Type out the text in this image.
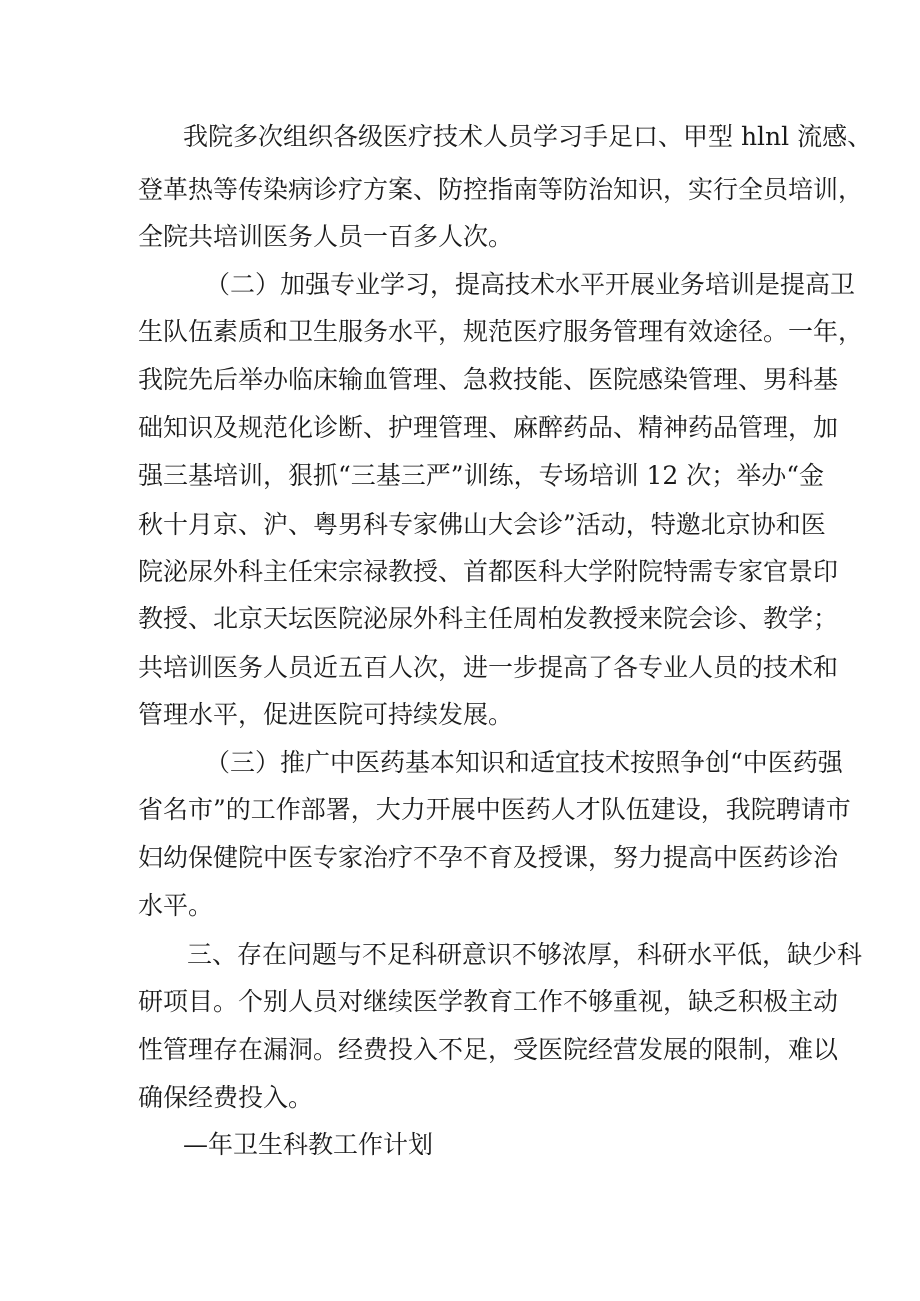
我院多次组织各级医疗技术人员学习手足口、甲型 hlnl 流感、
登革热等传染病诊疗方案、防控指南等防治知识，实行全员培训，
全院共培训医务人员一百多人次。
（二）加强专业学习，提高技术水平开展业务培训是提高卫
生队伍素质和卫生服务水平，规范医疗服务管理有效途径。一年，
我院先后举办临床输血管理、急救技能、医院感染管理、男科基
础知识及规范化诊断、护理管理、麻醉药品、精神药品管理，加
强三基培训，狠抓“三基三严”训练，专场培训 12 次；举办“金
秋十月京、沪、粤男科专家佛山大会诊”活动，特邀北京协和医
院泌尿外科主任宋宗禄教授、首都医科大学附院特需专家官景印
教授、北京天坛医院泌尿外科主任周柏发教授来院会诊、教学；
共培训医务人员近五百人次，进一步提高了各专业人员的技术和
管理水平，促进医院可持续发展。
（三）推广中医药基本知识和适宜技术按照争创“中医药强
省名市”的工作部署，大力开展中医药人才队伍建设，我院聘请市
妇幼保健院中医专家治疗不孕不育及授课，努力提高中医药诊治
水平。
三、存在问题与不足科研意识不够浓厚，科研水平低，缺少科
研项目。个别人员对继续医学教育工作不够重视，缺乏积极主动
性管理存在漏洞。经费投入不足，受医院经营发展的限制，难以
确保经费投入。
—年卫生科教工作计划
